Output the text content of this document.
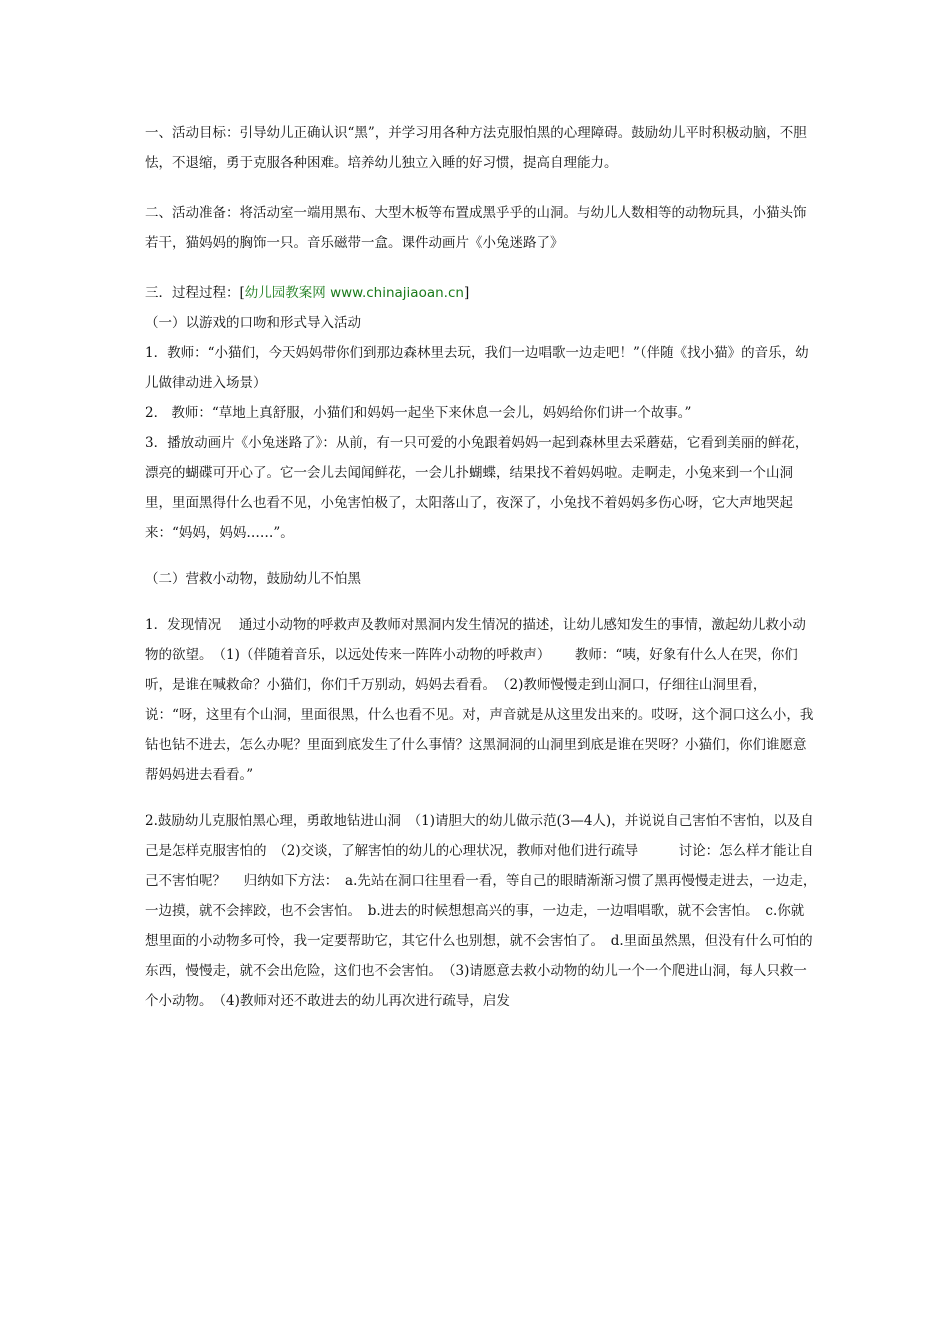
一、活动目标：引导幼儿正确认识“黑”，并学习用各种方法克服怕黑的心理障碍。鼓励幼儿平时积极动脑，不胆怯，不退缩，勇于克服各种困难。培养幼儿独立入睡的好习惯，提高自理能力。

二、活动准备：将活动室一端用黑布、大型木板等布置成黑乎乎的山洞。与幼儿人数相等的动物玩具，小猫头饰若干，猫妈妈的胸饰一只。音乐磁带一盒。课件动画片《小兔迷路了》

三．过程过程：[幼儿园教案网 www.chinajiaoan.cn]

（一）以游戏的口吻和形式导入活动

1．教师：“小猫们，今天妈妈带你们到那边森林里去玩，我们一边唱歌一边走吧！”（伴随《找小猫》的音乐，幼儿做律动进入场景）

2． 教师：“草地上真舒服，小猫们和妈妈一起坐下来休息一会儿，妈妈给你们讲一个故事。”

3．播放动画片《小兔迷路了》：从前，有一只可爱的小兔跟着妈妈一起到森林里去采蘑菇，它看到美丽的鲜花，漂亮的蝴碟可开心了。它一会儿去闻闻鲜花，一会儿扑蝴蝶，结果找不着妈妈啦。走啊走，小兔来到一个山洞里，里面黑得什么也看不见，小兔害怕极了，太阳落山了，夜深了，小兔找不着妈妈多伤心呀，它大声地哭起来：“妈妈，妈妈……”。

（二）营救小动物，鼓励幼儿不怕黑

1．发现情况　 通过小动物的呼救声及教师对黑洞内发生情况的描述，让幼儿感知发生的事情，激起幼儿救小动物的欲望。　（1)（伴随着音乐，以远处传来一阵阵小动物的呼救声）　　 教师：“咦，好象有什么人在哭，你们听，是谁在喊救命？小猫们，你们千万别动，妈妈去看看。　（2)教师慢慢走到山洞口，仔细往山洞里看，说：“呀，这里有个山洞，里面很黑，什么也看不见。对，声音就是从这里发出来的。哎呀，这个洞口这么小，我钻也钻不进去，怎么办呢？里面到底发生了什么事情？这黑洞洞的山洞里到底是谁在哭呀？小猫们，你们谁愿意帮妈妈进去看看。”

2.鼓励幼儿克服怕黑心理，勇敢地钻进山洞　（1)请胆大的幼儿做示范(3—4人)，并说说自己害怕不害怕，以及自己是怎样克服害怕的　（2)交谈，了解害怕的幼儿的心理状况，教师对他们进行疏导　　　讨论：怎么样才能让自己不害怕呢？　 归纳如下方法：　a.先站在洞口往里看一看，等自己的眼睛渐渐习惯了黑再慢慢走进去，一边走，一边摸，就不会摔跤，也不会害怕。　b.进去的时候想想高兴的事，一边走，一边唱唱歌，就不会害怕。　c.你就想里面的小动物多可怜，我一定要帮助它，其它什么也别想，就不会害怕了。　d.里面虽然黑，但没有什么可怕的东西，慢慢走，就不会出危险，这们也不会害怕。　（3)请愿意去救小动物的幼儿一个一个爬进山洞，每人只救一个小动物。　（4)教师对还不敢进去的幼儿再次进行疏导，启发
